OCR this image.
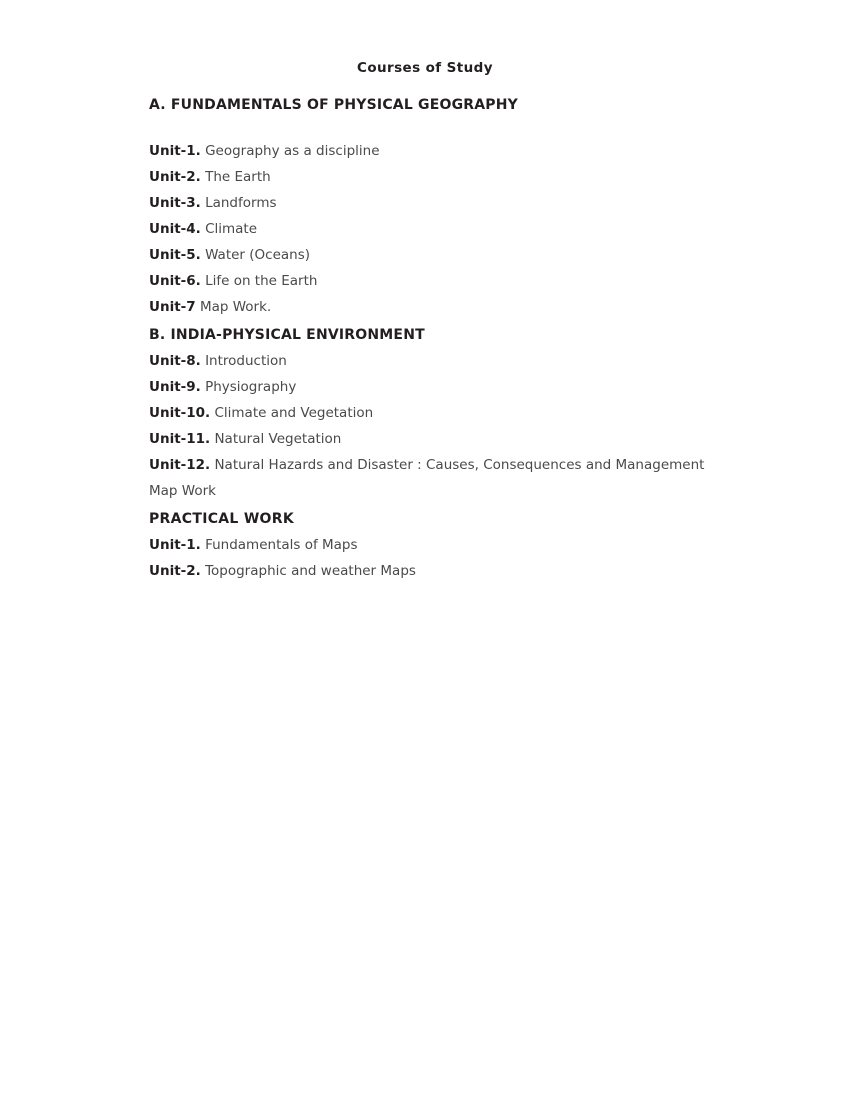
Courses of Study
A. FUNDAMENTALS OF PHYSICAL GEOGRAPHY
Unit-1. Geography as a discipline
Unit-2. The Earth
Unit-3. Landforms
Unit-4. Climate
Unit-5. Water (Oceans)
Unit-6. Life on the Earth
Unit-7 Map Work.
B. INDIA-PHYSICAL ENVIRONMENT
Unit-8. Introduction
Unit-9. Physiography
Unit-10. Climate and Vegetation
Unit-11. Natural Vegetation
Unit-12. Natural Hazards and Disaster : Causes, Consequences and Management
Map Work
PRACTICAL WORK
Unit-1. Fundamentals of Maps
Unit-2. Topographic and weather Maps
